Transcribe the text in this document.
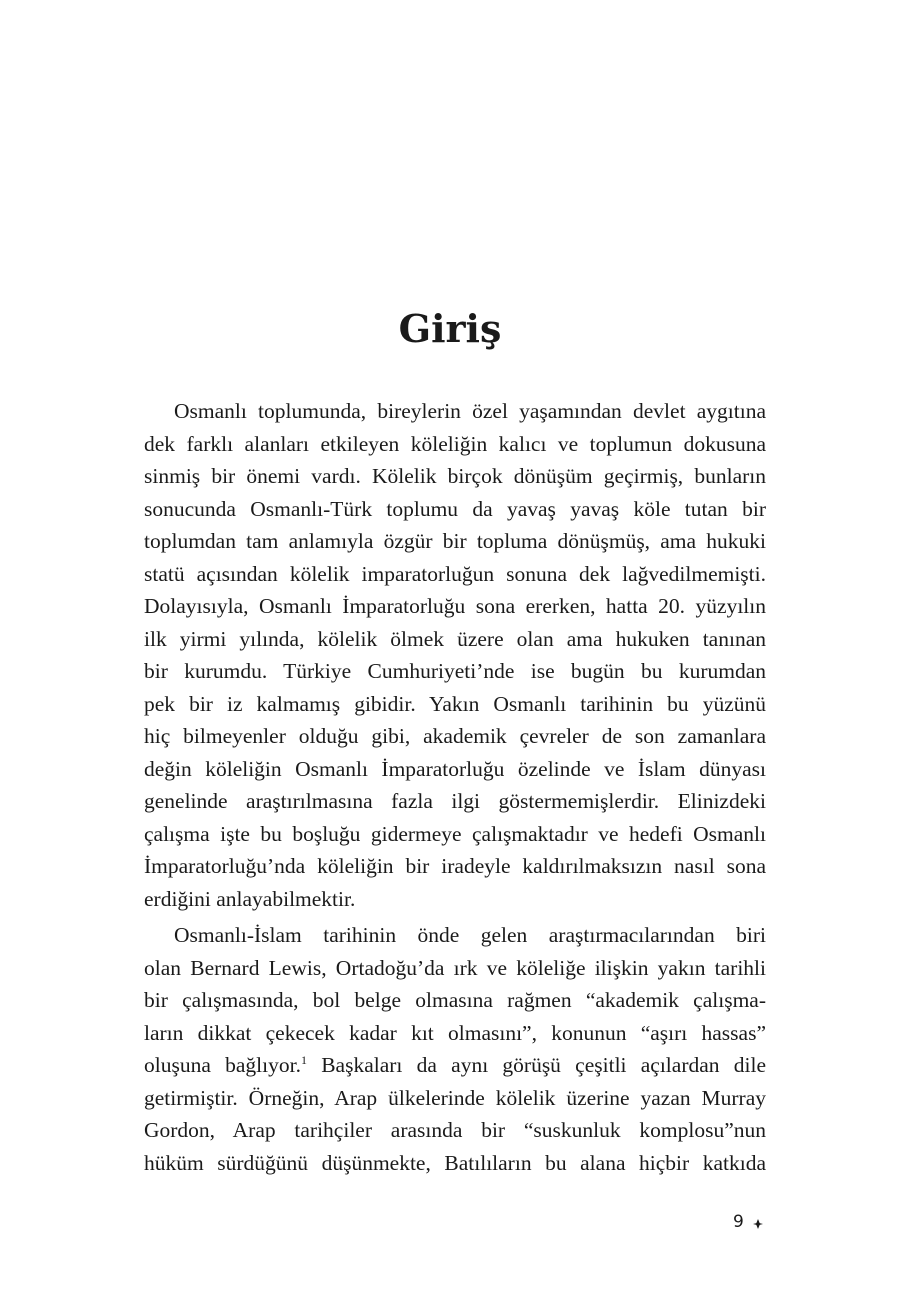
Giriş

Osmanlı toplumunda, bireylerin özel yaşamından devlet aygıtına
dek farklı alanları etkileyen köleliğin kalıcı ve toplumun dokusuna
sinmiş bir önemi vardı. Kölelik birçok dönüşüm geçirmiş, bunların
sonucunda Osmanlı-Türk toplumu da yavaş yavaş köle tutan bir
toplumdan tam anlamıyla özgür bir topluma dönüşmüş, ama hukuki
statü açısından kölelik imparatorluğun sonuna dek lağvedilmemişti.
Dolayısıyla, Osmanlı İmparatorluğu sona ererken, hatta 20. yüzyılın
ilk yirmi yılında, kölelik ölmek üzere olan ama hukuken tanınan
bir kurumdu. Türkiye Cumhuriyeti’nde ise bugün bu kurumdan
pek bir iz kalmamış gibidir. Yakın Osmanlı tarihinin bu yüzünü
hiç bilmeyenler olduğu gibi, akademik çevreler de son zamanlara
değin köleliğin Osmanlı İmparatorluğu özelinde ve İslam dünyası
genelinde araştırılmasına fazla ilgi göstermemişlerdir. Elinizdeki
çalışma işte bu boşluğu gidermeye çalışmaktadır ve hedefi Osmanlı
İmparatorluğu’nda köleliğin bir iradeyle kaldırılmaksızın nasıl sona
erdiğini anlayabilmektir.

Osmanlı-İslam tarihinin önde gelen araştırmacılarından biri
olan Bernard Lewis, Ortadoğu’da ırk ve köleliğe ilişkin yakın tarihli
bir çalışmasında, bol belge olmasına rağmen “akademik çalışma-
ların dikkat çekecek kadar kıt olmasını”, konunun “aşırı hassas”
oluşuna bağlıyor.$^1$ Başkaları da aynı görüşü çeşitli açılardan dile
getirmiştir. Örneğin, Arap ülkelerinde kölelik üzerine yazan Murray
Gordon, Arap tarihçiler arasında bir “suskunluk komplosu”nun
hüküm sürdüğünü düşünmekte, Batılıların bu alana hiçbir katkıda

9
